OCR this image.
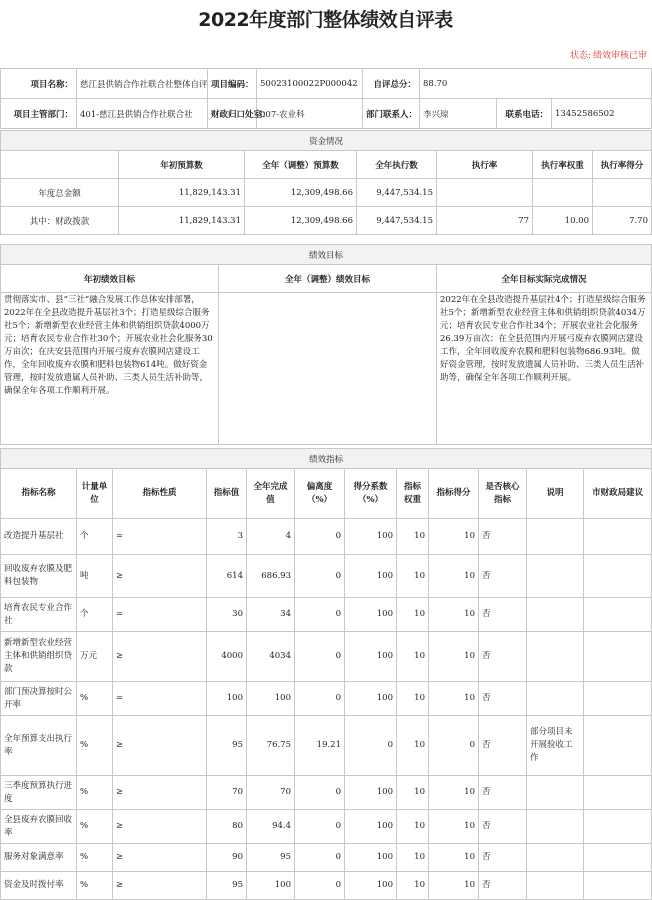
2022年度部门整体绩效自评表
状态: 绩效审核已审
项目名称：	慈江县供销合作社联合社整体自评	项目编码：	50023100022P000042	自评总分：	88.70		
项目主管部门：	401-慈江县供销合作社联合社	财政归口处室：	007-农业科	部门联系人：	李兴琼	联系电话：	13452586502
资金情况						
	年初预算数	全年（调整）预算数	全年执行数	执行率	执行率权重	执行率得分
年度总金额	11,829,143.31	12,309,498.66	9,447,534.15			
其中：财政拨款	11,829,143.31	12,309,498.66	9,447,534.15	77	10.00	7.70
绩效目标		
年初绩效目标	全年（调整）绩效目标	全年目标实际完成情况
贯彻落实市、县“三社”融合发展工作总体安排部署，2022年在全县改造提升基层社3个；打造星级综合服务社5个；新增新型农业经营主体和供销组织贷款4000万元；培育农民专业合作社30个；开展农业社会化服务30万亩次；在庆安县范围内开展弓废弃农膜网店建设工作，全年回收废弃农膜和肥料包装物614吨。做好资金管理，按时发放遗属人员补助、三类人员生活补助等，确保全年各项工作顺利开展。		2022年在全县改造提升基层社4个；打造星级综合服务社5个；新增新型农业经营主体和供销组织贷款4034万元；培育农民专业合作社34个；开展农业社会化服务26.39万亩次；在全县范围内开展弓废弃农膜网店建设工作，全年回收废弃农膜和肥料包装物686.93吨。做好资金管理，按时发放遗属人员补助、三类人员生活补助等，确保全年各项工作顺利开展。
绩效指标											
指标名称	计量单位	指标性质	指标值	全年完成值	偏离度（%）	得分系数（%）	指标权重	指标得分	是否核心指标	说明	市财政局建议
改造提升基层社	个	=	3	4	0	100	10	10	否		
回收废弃农膜及肥料包装物	吨	≥	614	686.93	0	100	10	10	否		
培育农民专业合作社	个	=	30	34	0	100	10	10	否		
新增新型农业经营主体和供销组织贷款	万元	≥	4000	4034	0	100	10	10	否		
部门预决算按时公开率	%	=	100	100	0	100	10	10	否		
全年预算支出执行率	%	≥	95	76.75	19.21	0	10	0	否	部分项目未开展验收工作	
三季度预算执行进度	%	≥	70	70	0	100	10	10	否		
全县废弃农膜回收率	%	≥	80	94.4	0	100	10	10	否		
服务对象满意率	%	≥	90	95	0	100	10	10	否		
资金及时拨付率	%	≥	95	100	0	100	10	10	否		
